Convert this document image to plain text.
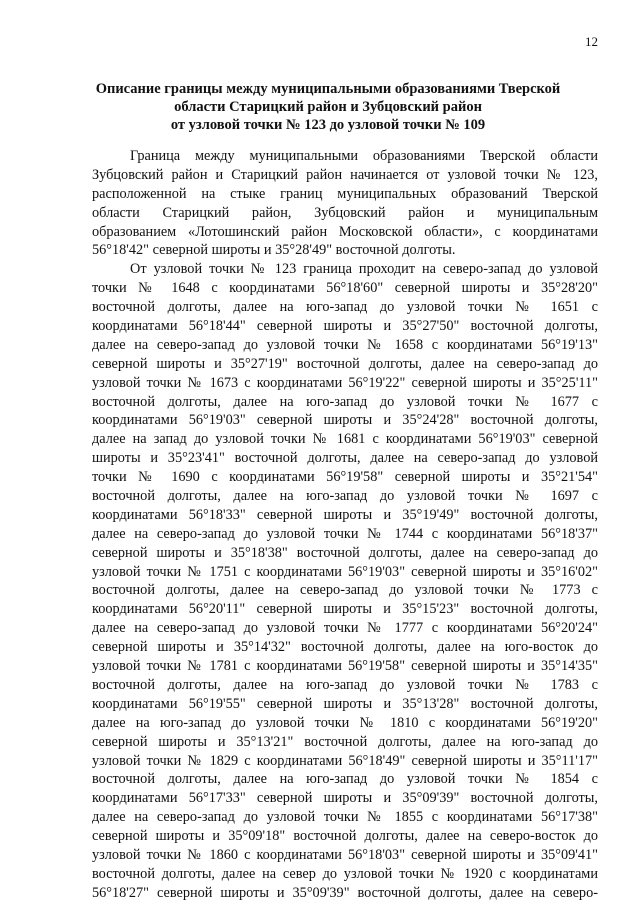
12
Описание границы между муниципальными образованиями Тверской
области Старицкий район и Зубцовский район
от узловой точки № 123 до узловой точки № 109
Граница между муниципальными образованиями Тверской области
Зубцовский район и Старицкий район начинается от узловой точки № 123,
расположенной на стыке границ муниципальных образований Тверской
области Старицкий район, Зубцовский район и муниципальным
образованием «Лотошинский район Московской области», с координатами
56°18'42" северной широты и 35°28'49" восточной долготы.
От узловой точки № 123 граница проходит на северо-запад до узловой
точки № 1648 с координатами 56°18'60" северной широты и 35°28'20"
восточной долготы, далее на юго-запад до узловой точки № 1651 с
координатами 56°18'44" северной широты и 35°27'50" восточной долготы,
далее на северо-запад до узловой точки № 1658 с координатами 56°19'13"
северной широты и 35°27'19" восточной долготы, далее на северо-запад до
узловой точки № 1673 с координатами 56°19'22" северной широты и 35°25'11"
восточной долготы, далее на юго-запад до узловой точки № 1677 с
координатами 56°19'03" северной широты и 35°24'28" восточной долготы,
далее на запад до узловой точки № 1681 с координатами 56°19'03" северной
широты и 35°23'41" восточной долготы, далее на северо-запад до узловой
точки № 1690 с координатами 56°19'58" северной широты и 35°21'54"
восточной долготы, далее на юго-запад до узловой точки № 1697 с
координатами 56°18'33" северной широты и 35°19'49" восточной долготы,
далее на северо-запад до узловой точки № 1744 с координатами 56°18'37"
северной широты и 35°18'38" восточной долготы, далее на северо-запад до
узловой точки № 1751 с координатами 56°19'03" северной широты и 35°16'02"
восточной долготы, далее на северо-запад до узловой точки № 1773 с
координатами 56°20'11" северной широты и 35°15'23" восточной долготы,
далее на северо-запад до узловой точки № 1777 с координатами 56°20'24"
северной широты и 35°14'32" восточной долготы, далее на юго-восток до
узловой точки № 1781 с координатами 56°19'58" северной широты и 35°14'35"
восточной долготы, далее на юго-запад до узловой точки № 1783 с
координатами 56°19'55" северной широты и 35°13'28" восточной долготы,
далее на юго-запад до узловой точки № 1810 с координатами 56°19'20"
северной широты и 35°13'21" восточной долготы, далее на юго-запад до
узловой точки № 1829 с координатами 56°18'49" северной широты и 35°11'17"
восточной долготы, далее на юго-запад до узловой точки № 1854 с
координатами 56°17'33" северной широты и 35°09'39" восточной долготы,
далее на северо-запад до узловой точки № 1855 с координатами 56°17'38"
северной широты и 35°09'18" восточной долготы, далее на северо-восток до
узловой точки № 1860 с координатами 56°18'03" северной широты и 35°09'41"
восточной долготы, далее на север до узловой точки № 1920 с координатами
56°18'27" северной широты и 35°09'39" восточной долготы, далее на северо-
